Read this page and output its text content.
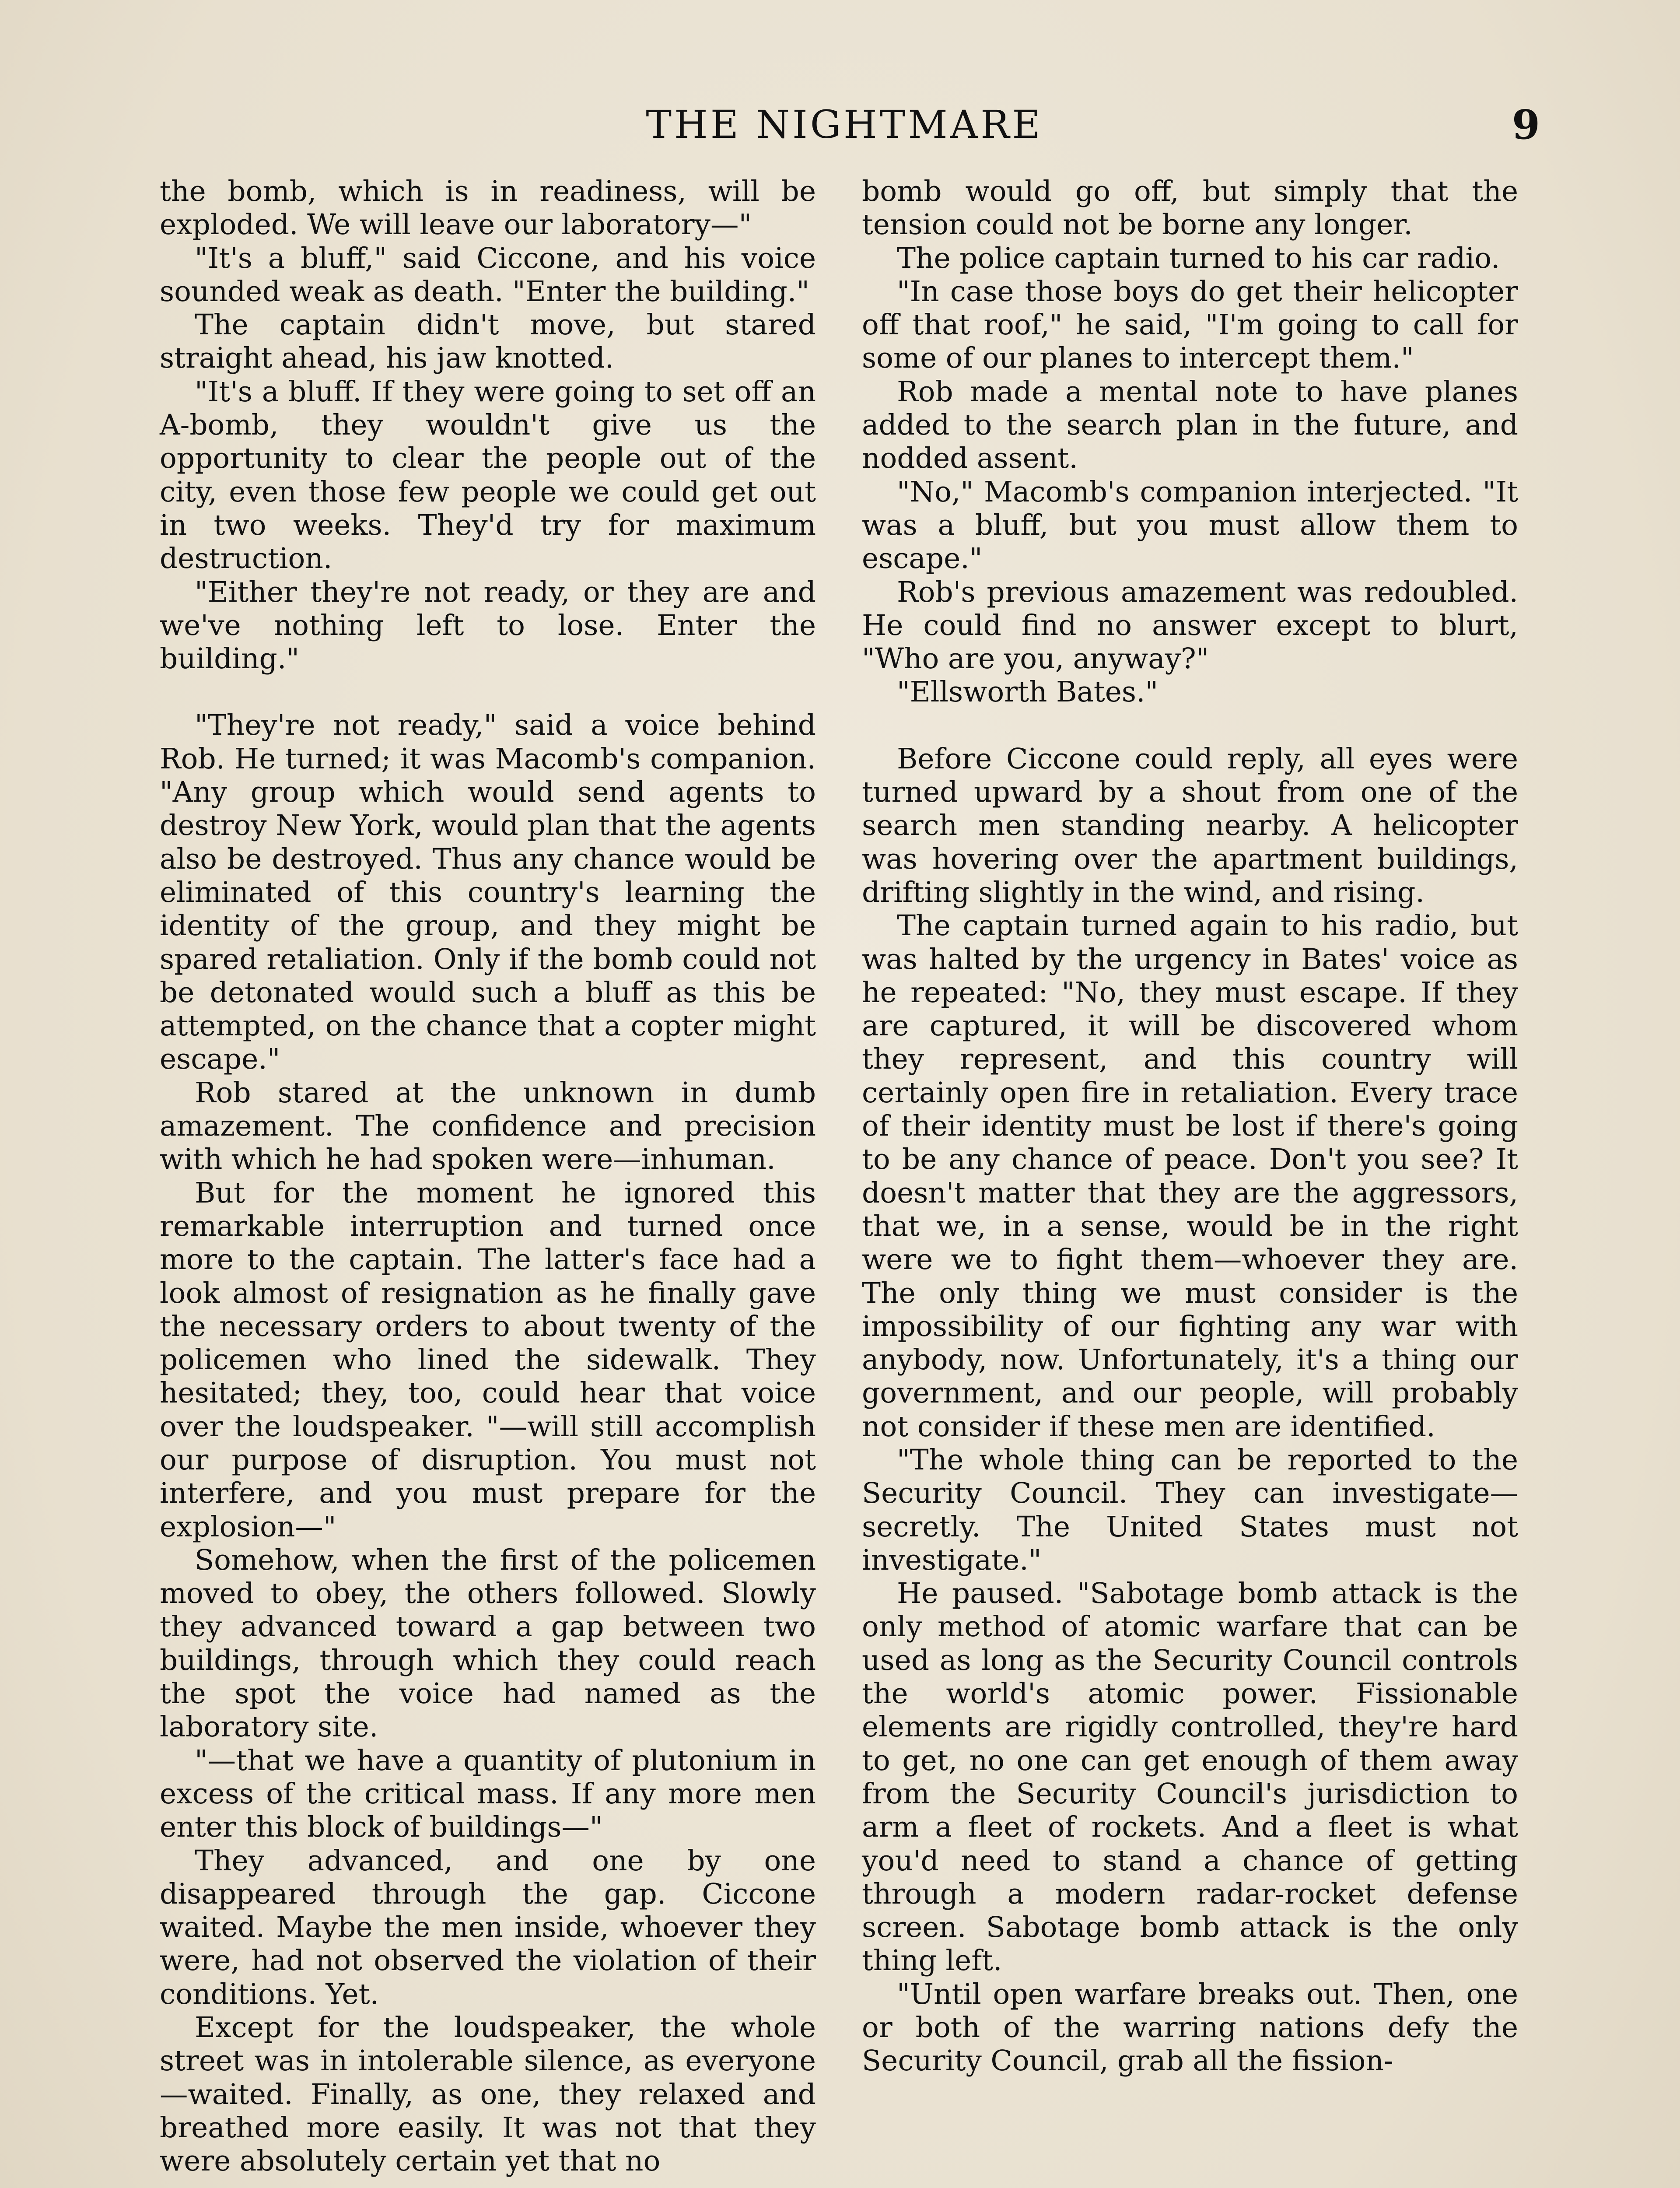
THE NIGHTMARE	9

the bomb, which is in readiness, will be exploded. We will leave our laboratory—"

"It's a bluff," said Ciccone, and his voice sounded weak as death. "Enter the building."

The captain didn't move, but stared straight ahead, his jaw knotted.

"It's a bluff. If they were going to set off an A-bomb, they wouldn't give us the opportunity to clear the people out of the city, even those few people we could get out in two weeks. They'd try for maximum destruction.

"Either they're not ready, or they are and we've nothing left to lose. Enter the building."

"They're not ready," said a voice behind Rob. He turned; it was Macomb's companion. "Any group which would send agents to destroy New York, would plan that the agents also be destroyed. Thus any chance would be eliminated of this country's learning the identity of the group, and they might be spared retaliation. Only if the bomb could not be detonated would such a bluff as this be attempted, on the chance that a copter might escape."

Rob stared at the unknown in dumb amazement. The confidence and precision with which he had spoken were—inhuman.

But for the moment he ignored this remarkable interruption and turned once more to the captain. The latter's face had a look almost of resignation as he finally gave the necessary orders to about twenty of the policemen who lined the sidewalk. They hesitated; they, too, could hear that voice over the loudspeaker. "—will still accomplish our purpose of disruption. You must not interfere, and you must prepare for the explosion—"

Somehow, when the first of the policemen moved to obey, the others followed. Slowly they advanced toward a gap between two buildings, through which they could reach the spot the voice had named as the laboratory site.

"—that we have a quantity of plutonium in excess of the critical mass. If any more men enter this block of buildings—"

They advanced, and one by one disappeared through the gap. Ciccone waited. Maybe the men inside, whoever they were, had not observed the violation of their conditions. Yet.

Except for the loudspeaker, the whole street was in intolerable silence, as everyone—waited. Finally, as one, they relaxed and breathed more easily. It was not that they were absolutely certain yet that no

bomb would go off, but simply that the tension could not be borne any longer.

The police captain turned to his car radio.

"In case those boys do get their helicopter off that roof," he said, "I'm going to call for some of our planes to intercept them."

Rob made a mental note to have planes added to the search plan in the future, and nodded assent.

"No," Macomb's companion interjected. "It was a bluff, but you must allow them to escape."

Rob's previous amazement was redoubled. He could find no answer except to blurt, "Who are you, anyway?"

"Ellsworth Bates."

Before Ciccone could reply, all eyes were turned upward by a shout from one of the search men standing nearby. A helicopter was hovering over the apartment buildings, drifting slightly in the wind, and rising.

The captain turned again to his radio, but was halted by the urgency in Bates' voice as he repeated: "No, they must escape. If they are captured, it will be discovered whom they represent, and this country will certainly open fire in retaliation. Every trace of their identity must be lost if there's going to be any chance of peace. Don't you see? It doesn't matter that they are the aggressors, that we, in a sense, would be in the right were we to fight them—whoever they are. The only thing we must consider is the impossibility of our fighting any war with anybody, now. Unfortunately, it's a thing our government, and our people, will probably not consider if these men are identified.

"The whole thing can be reported to the Security Council. They can investigate—secretly. The United States must not investigate."

He paused. "Sabotage bomb attack is the only method of atomic warfare that can be used as long as the Security Council controls the world's atomic power. Fissionable elements are rigidly controlled, they're hard to get, no one can get enough of them away from the Security Council's jurisdiction to arm a fleet of rockets. And a fleet is what you'd need to stand a chance of getting through a modern radar-rocket defense screen. Sabotage bomb attack is the only thing left.

"Until open warfare breaks out. Then, one or both of the warring nations defy the Security Council, grab all the fission-
